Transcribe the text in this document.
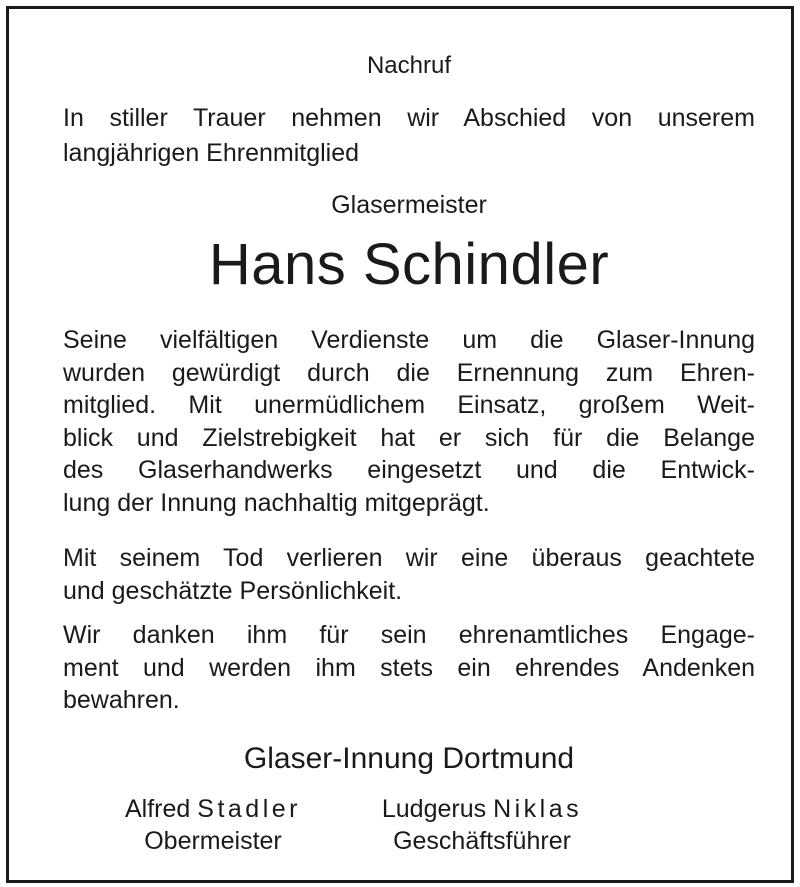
Nachruf
In stiller Trauer nehmen wir Abschied von unserem
langjährigen Ehrenmitglied
Glasermeister
Hans Schindler
Seine vielfältigen Verdienste um die Glaser-Innung
wurden gewürdigt durch die Ernennung zum Ehren-
mitglied. Mit unermüdlichem Einsatz, großem Weit-
blick und Zielstrebigkeit hat er sich für die Belange
des Glaserhandwerks eingesetzt und die Entwick-
lung der Innung nachhaltig mitgeprägt.
Mit seinem Tod verlieren wir eine überaus geachtete
und geschätzte Persönlichkeit.
Wir danken ihm für sein ehrenamtliches Engage-
ment und werden ihm stets ein ehrendes Andenken
bewahren.
Glaser-Innung Dortmund
Alfred Stadler
Obermeister
Ludgerus Niklas
Geschäftsführer
